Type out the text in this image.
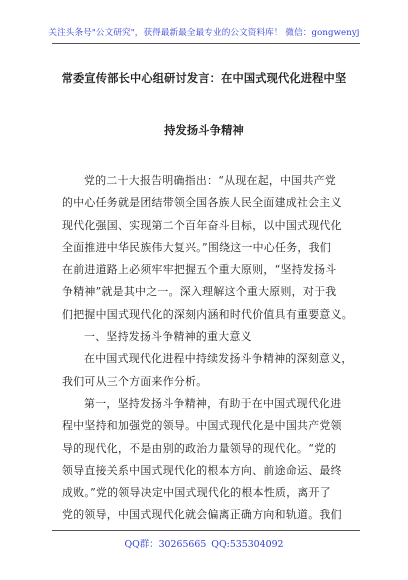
关注头条号"公文研究"，获得最新最全最专业的公文资料库！ 微信：gongwenyj
常委宣传部长中心组研讨发言：在中国式现代化进程中坚
持发扬斗争精神
党的二十大报告明确指出：“从现在起，中国共产党
的中心任务就是团结带领全国各族人民全面建成社会主义
现代化强国、实现第二个百年奋斗目标，以中国式现代化
全面推进中华民族伟大复兴。”围绕这一中心任务，我们
在前进道路上必须牢牢把握五个重大原则，“坚持发扬斗
争精神”就是其中之一。深入理解这个重大原则，对于我
们把握中国式现代化的深刻内涵和时代价值具有重要意义。
一、坚持发扬斗争精神的重大意义
在中国式现代化进程中持续发扬斗争精神的深刻意义，
我们可从三个方面来作分析。
第一，坚持发扬斗争精神，有助于在中国式现代化进
程中坚持和加强党的领导。中国式现代化是中国共产党领
导的现代化，不是由别的政治力量领导的现代化。“党的
领导直接关系中国式现代化的根本方向、前途命运、最终
成败。”党的领导决定中国式现代化的根本性质，离开了
党的领导，中国式现代化就会偏离正确方向和轨道。我们
QQ群：30265665 QQ:535304092
